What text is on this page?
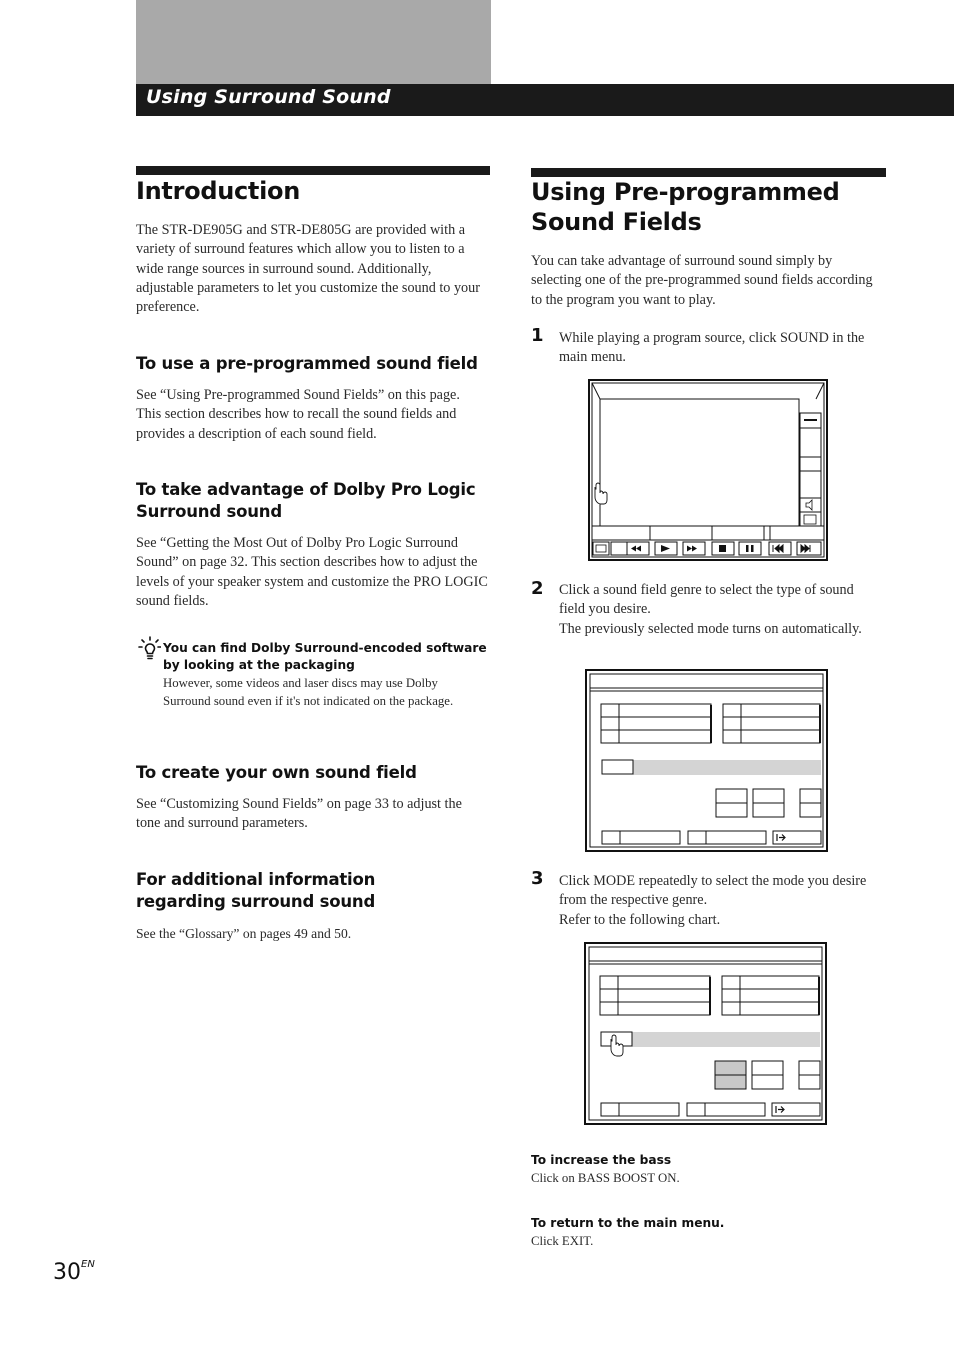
Using Surround Sound
Introduction
The STR-DE905G and STR-DE805G are provided with a variety of surround features which allow you to listen to a wide range sources in surround sound. Additionally, adjustable parameters to let you customize the sound to your preference.
To use a pre-programmed sound field
See “Using Pre-programmed Sound Fields” on this page. This section describes how to recall the sound fields and provides a description of each sound field.
To take advantage of Dolby Pro Logic Surround sound
See “Getting the Most Out of Dolby Pro Logic Surround Sound” on page 32. This section describes how to adjust the levels of your speaker system and customize the PRO LOGIC sound fields.
You can find Dolby Surround-encoded software by looking at the packaging
However, some videos and laser discs may use Dolby Surround sound even if it's not indicated on the package.
To create your own sound field
See “Customizing Sound Fields” on page 33 to adjust the tone and surround parameters.
For additional information regarding surround sound
See the “Glossary” on pages 49 and 50.
Using Pre-programmed Sound Fields
You can take advantage of surround sound simply by selecting one of the pre-programmed sound fields according to the program you want to play.
1 While playing a program source, click SOUND in the main menu.
2 Click a sound field genre to select the type of sound field you desire.
The previously selected mode turns on automatically.
3 Click MODE repeatedly to select the mode you desire from the respective genre.
Refer to the following chart.
To increase the bass
Click on BASS BOOST ON.
To return to the main menu.
Click EXIT.
$30^{EN}$
